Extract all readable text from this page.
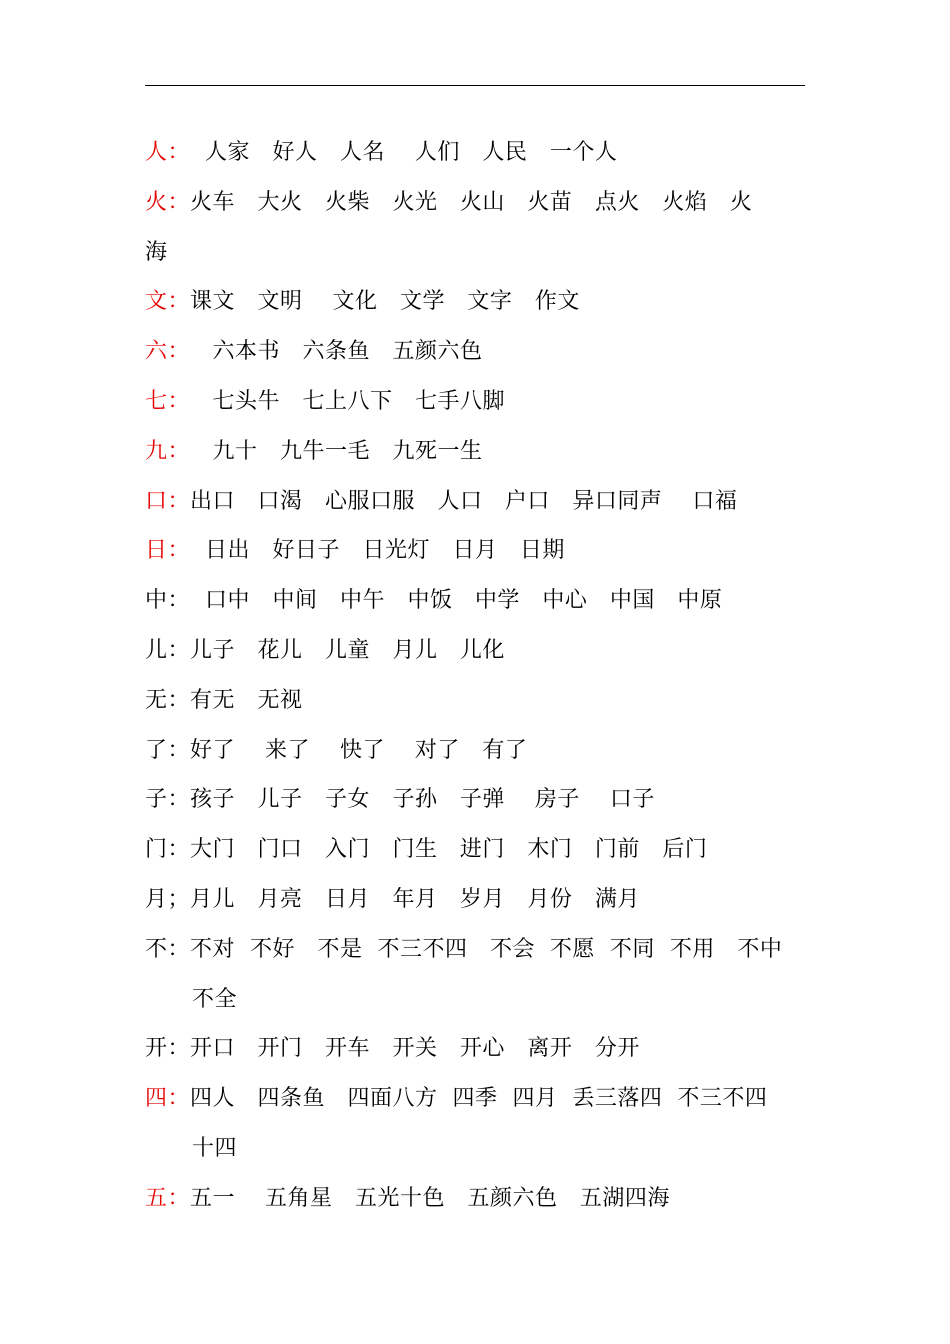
人：  人家   好人   人名    人们   人民   一个人
火：火车   大火   火柴   火光   火山   火苗   点火   火焰   火
海
文：课文   文明    文化   文学   文字   作文
六：   六本书   六条鱼   五颜六色
七：   七头牛   七上八下   七手八脚
九：   九十   九牛一毛   九死一生
口：出口   口渴   心服口服   人口   户口   异口同声    口福
日：  日出   好日子   日光灯   日月   日期
中：  口中   中间   中午   中饭   中学   中心   中国   中原
儿：儿子   花儿   儿童   月儿   儿化
无：有无   无视
了：好了    来了    快了    对了   有了
子：孩子   儿子   子女   子孙   子弹    房子    口子
门：大门   门口   入门   门生   进门   木门   门前   后门
月；月儿   月亮   日月   年月   岁月   月份   满月
不：不对  不好   不是  不三不四   不会  不愿  不同  不用   不中
不全
开：开口   开门   开车   开关   开心   离开   分开
四：四人   四条鱼   四面八方  四季  四月  丢三落四  不三不四
十四
五：五一    五角星   五光十色   五颜六色   五湖四海
